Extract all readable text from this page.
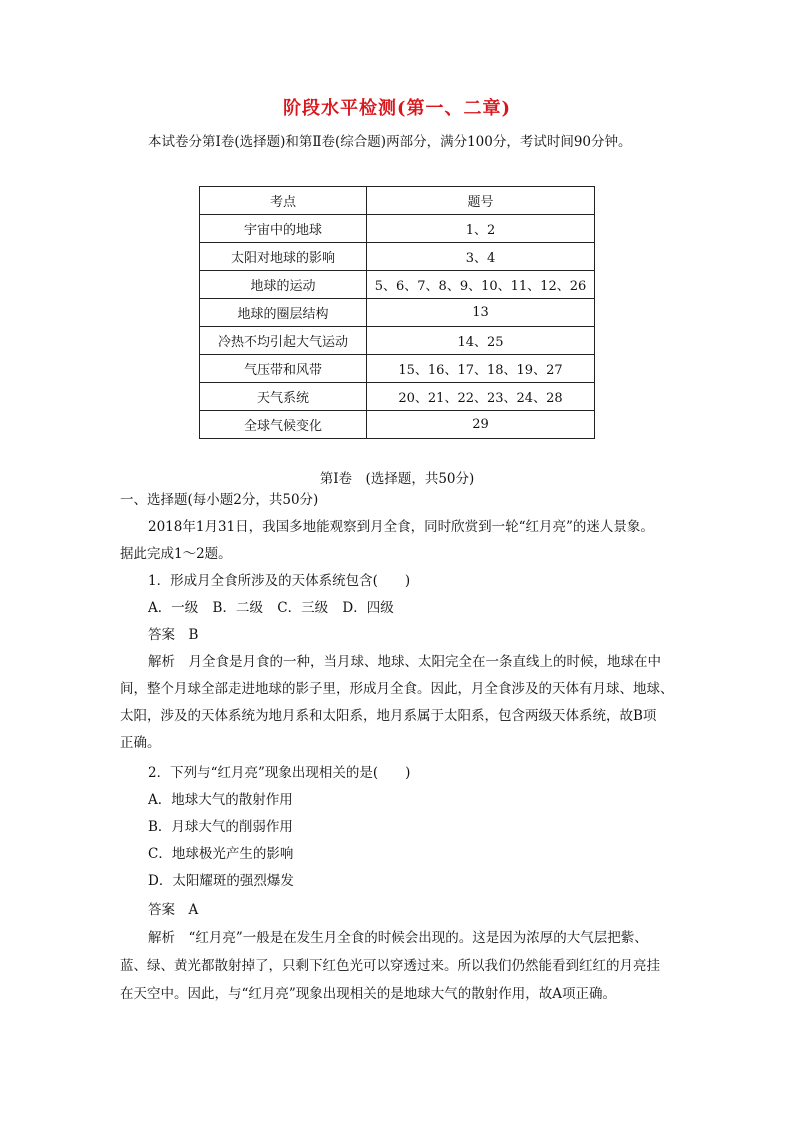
阶段水平检测(第一、二章)
本试卷分第Ⅰ卷(选择题)和第Ⅱ卷(综合题)两部分，满分100分，考试时间90分钟。
考点	题号
宇宙中的地球	1、2
太阳对地球的影响	3、4
地球的运动	5、6、7、8、9、10、11、12、26
地球的圈层结构	13
冷热不均引起大气运动	14、25
气压带和风带	15、16、17、18、19、27
天气系统	20、21、22、23、24、28
全球气候变化	29
第Ⅰ卷　(选择题，共50分)
一、选择题(每小题2分，共50分)
2018年1月31日，我国多地能观察到月全食，同时欣赏到一轮“红月亮”的迷人景象。
据此完成1～2题。
1．形成月全食所涉及的天体系统包含(　　)
A．一级 B．二级 C．三级 D．四级
答案　B
解析　月全食是月食的一种，当月球、地球、太阳完全在一条直线上的时候，地球在中
间，整个月球全部走进地球的影子里，形成月全食。因此，月全食涉及的天体有月球、地球、
太阳，涉及的天体系统为地月系和太阳系，地月系属于太阳系，包含两级天体系统，故B项
正确。
2．下列与“红月亮”现象出现相关的是(　　)
A．地球大气的散射作用
B．月球大气的削弱作用
C．地球极光产生的影响
D．太阳耀斑的强烈爆发
答案　A
解析　“红月亮”一般是在发生月全食的时候会出现的。这是因为浓厚的大气层把紫、
蓝、绿、黄光都散射掉了，只剩下红色光可以穿透过来。所以我们仍然能看到红红的月亮挂
在天空中。因此，与“红月亮”现象出现相关的是地球大气的散射作用，故A项正确。
